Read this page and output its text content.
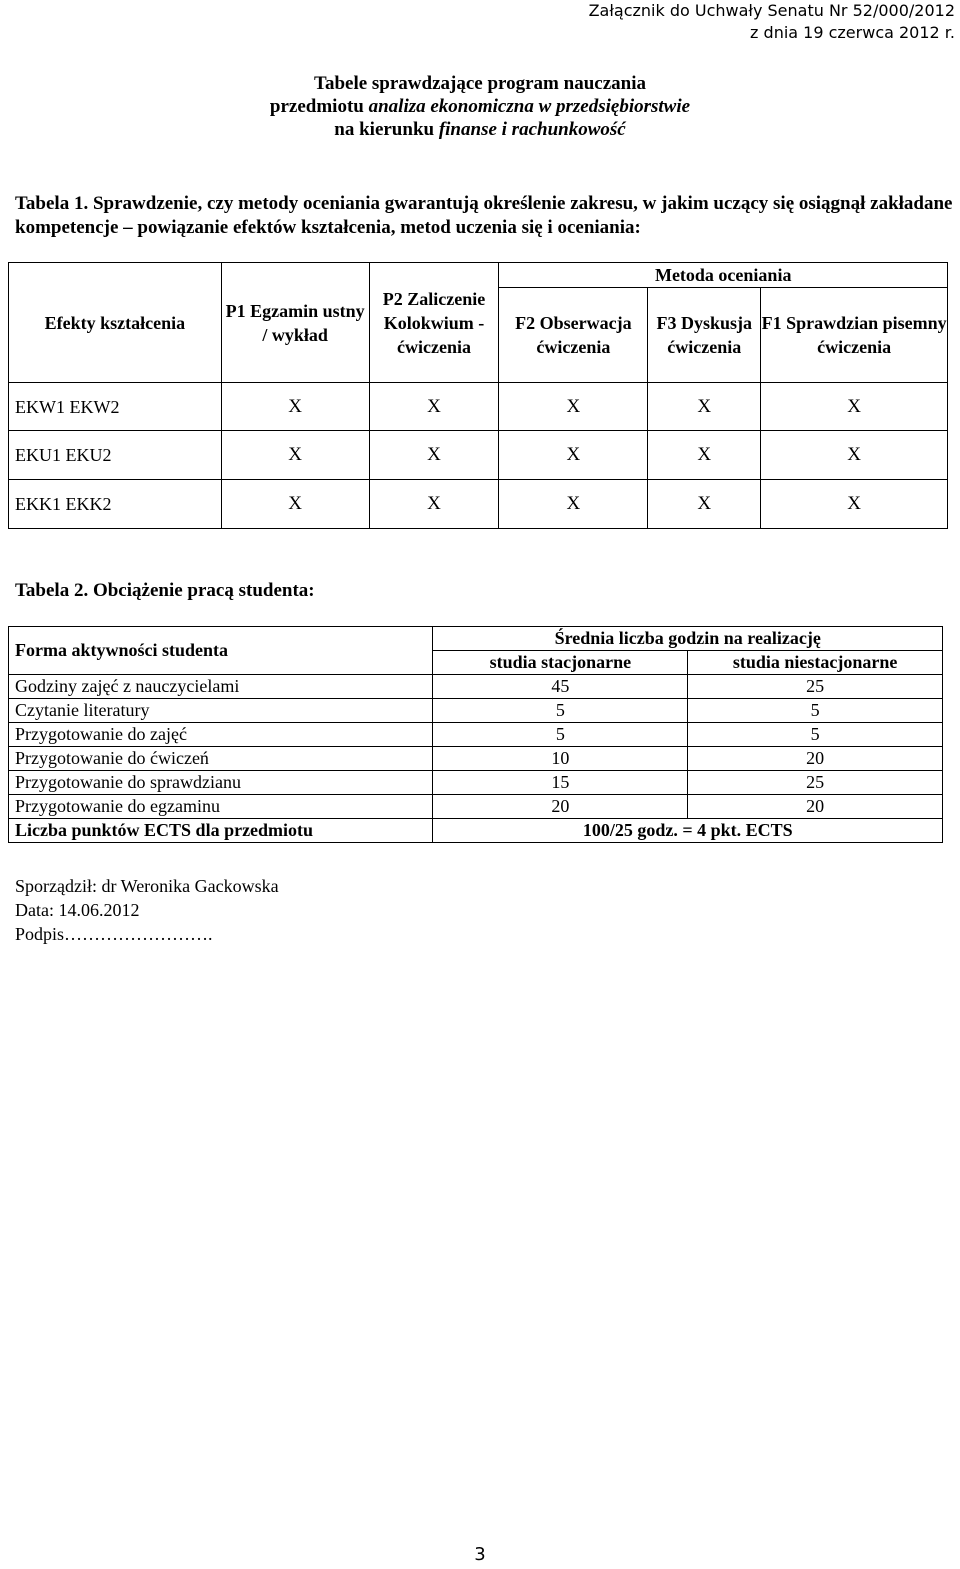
Załącznik do Uchwały Senatu Nr 52/000/2012
z dnia 19 czerwca 2012 r.
Tabele sprawdzające program nauczania
przedmiotu analiza ekonomiczna w przedsiębiorstwie
na kierunku finanse i rachunkowość
Tabela 1. Sprawdzenie, czy metody oceniania gwarantują określenie zakresu, w jakim uczący się osiągnął zakładane kompetencje – powiązanie efektów kształcenia, metod uczenia się i oceniania:
Efekty kształcenia	P1 Egzamin ustny / wykład	P2 Zaliczenie Kolokwium - ćwiczenia	Metoda oceniania		
			F2 Obserwacja ćwiczenia	F3 Dyskusja ćwiczenia	F1 Sprawdzian pisemny ćwiczenia
EKW1 EKW2	X	X	X	X	X
EKU1 EKU2	X	X	X	X	X
EKK1 EKK2	X	X	X	X	X
Tabela 2. Obciążenie pracą studenta:
Forma aktywności studenta	Średnia liczba godzin na realizację	
	studia stacjonarne	studia niestacjonarne
Godziny zajęć z nauczycielami	45	25
Czytanie literatury	5	5
Przygotowanie do zajęć	5	5
Przygotowanie do ćwiczeń	10	20
Przygotowanie do sprawdzianu	15	25
Przygotowanie do egzaminu	20	20
Liczba punktów ECTS dla przedmiotu	100/25 godz. = 4 pkt. ECTS	
Sporządził: dr Weronika Gackowska
Data: 14.06.2012
Podpis…………………….
3
